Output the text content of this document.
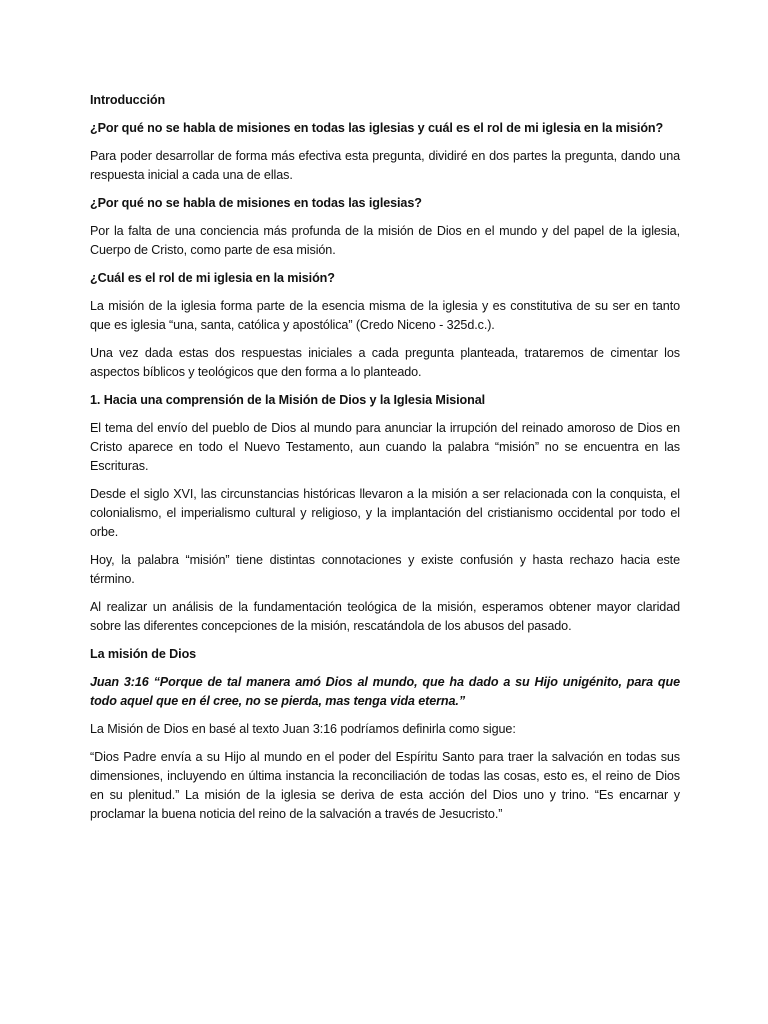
Introducción

¿Por qué no se habla de misiones en todas las iglesias y cuál es el rol de mi iglesia en la misión?

Para poder desarrollar de forma más efectiva esta pregunta, dividiré en dos partes la pregunta, dando una respuesta inicial a cada una de ellas.

¿Por qué no se habla de misiones en todas las iglesias?

Por la falta de una conciencia más profunda de la misión de Dios en el mundo y del papel de la iglesia, Cuerpo de Cristo, como parte de esa misión.

¿Cuál es el rol de mi iglesia en la misión?

La misión de la iglesia forma parte de la esencia misma de la iglesia y es constitutiva de su ser en tanto que es iglesia “una, santa, católica y apostólica” (Credo Niceno - 325d.c.).

Una vez dada estas dos respuestas iniciales a cada pregunta planteada, trataremos de cimentar los aspectos bíblicos y teológicos que den forma a lo planteado.

1. Hacia una comprensión de la Misión de Dios y la Iglesia Misional

El tema del envío del pueblo de Dios al mundo para anunciar la irrupción del reinado amoroso de Dios en Cristo aparece en todo el Nuevo Testamento, aun cuando la palabra “misión” no se encuentra en las Escrituras.

Desde el siglo XVI, las circunstancias históricas llevaron a la misión a ser relacionada con la conquista, el colonialismo, el imperialismo cultural y religioso, y la implantación del cristianismo occidental por todo el orbe.

Hoy, la palabra “misión” tiene distintas connotaciones y existe confusión y hasta rechazo hacia este término.

Al realizar un análisis de la fundamentación teológica de la misión, esperamos obtener mayor claridad sobre las diferentes concepciones de la misión, rescatándola de los abusos del pasado.

La misión de Dios

Juan 3:16 “Porque de tal manera amó Dios al mundo, que ha dado a su Hijo unigénito, para que todo aquel que en él cree, no se pierda, mas tenga vida eterna.”

La Misión de Dios en basé al texto Juan 3:16 podríamos definirla como sigue:

“Dios Padre envía a su Hijo al mundo en el poder del Espíritu Santo para traer la salvación en todas sus dimensiones, incluyendo en última instancia la reconciliación de todas las cosas, esto es, el reino de Dios en su plenitud.” La misión de la iglesia se deriva de esta acción del Dios uno y trino. “Es encarnar y proclamar la buena noticia del reino de la salvación a través de Jesucristo.”
